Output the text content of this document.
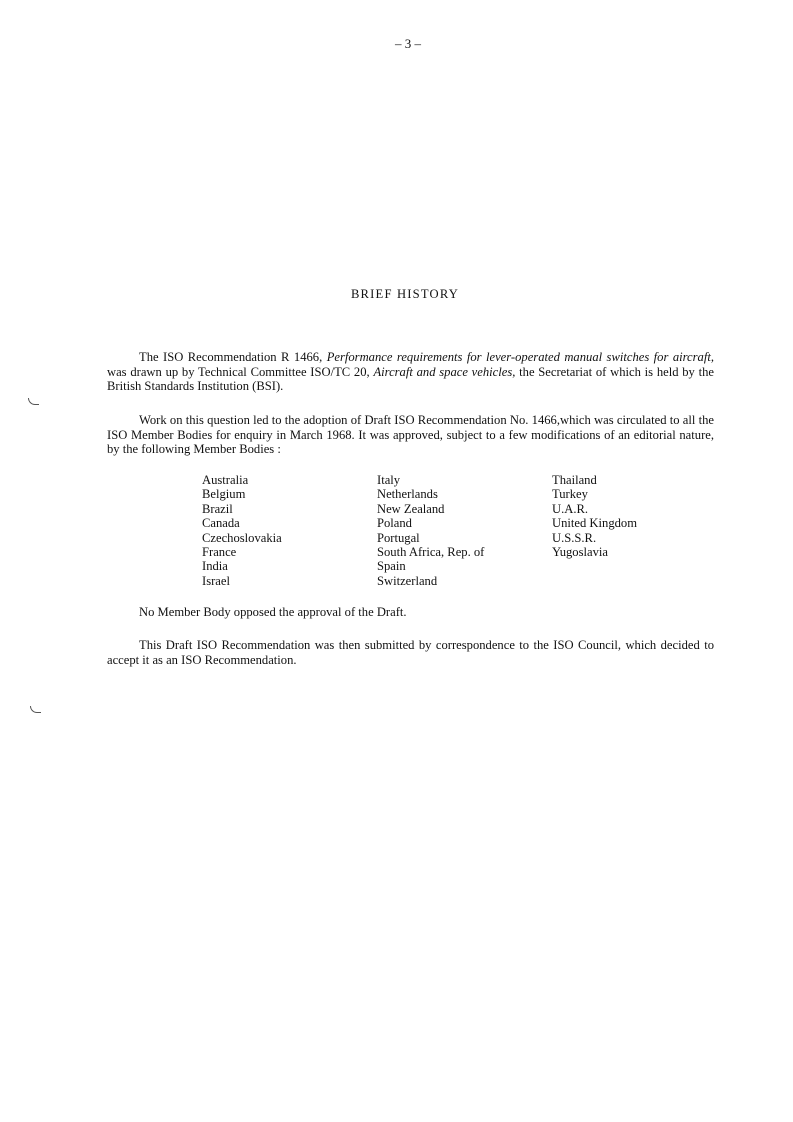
– 3 –
BRIEF HISTORY
The ISO Recommendation R 1466, Performance requirements for lever-operated manual switches for aircraft, was drawn up by Technical Committee ISO/TC 20, Aircraft and space vehicles, the Secretariat of which is held by the British Standards Institution (BSI).
Work on this question led to the adoption of Draft ISO Recommendation No. 1466,which was circulated to all the ISO Member Bodies for enquiry in March 1968. It was approved, subject to a few modifications of an editorial nature, by the following Member Bodies :
Australia
Belgium
Brazil
Canada
Czechoslovakia
France
India
Israel
Italy
Netherlands
New Zealand
Poland
Portugal
South Africa, Rep. of
Spain
Switzerland
Thailand
Turkey
U.A.R.
United Kingdom
U.S.S.R.
Yugoslavia
No Member Body opposed the approval of the Draft.
This Draft ISO Recommendation was then submitted by correspondence to the ISO Council, which decided to accept it as an ISO Recommendation.
